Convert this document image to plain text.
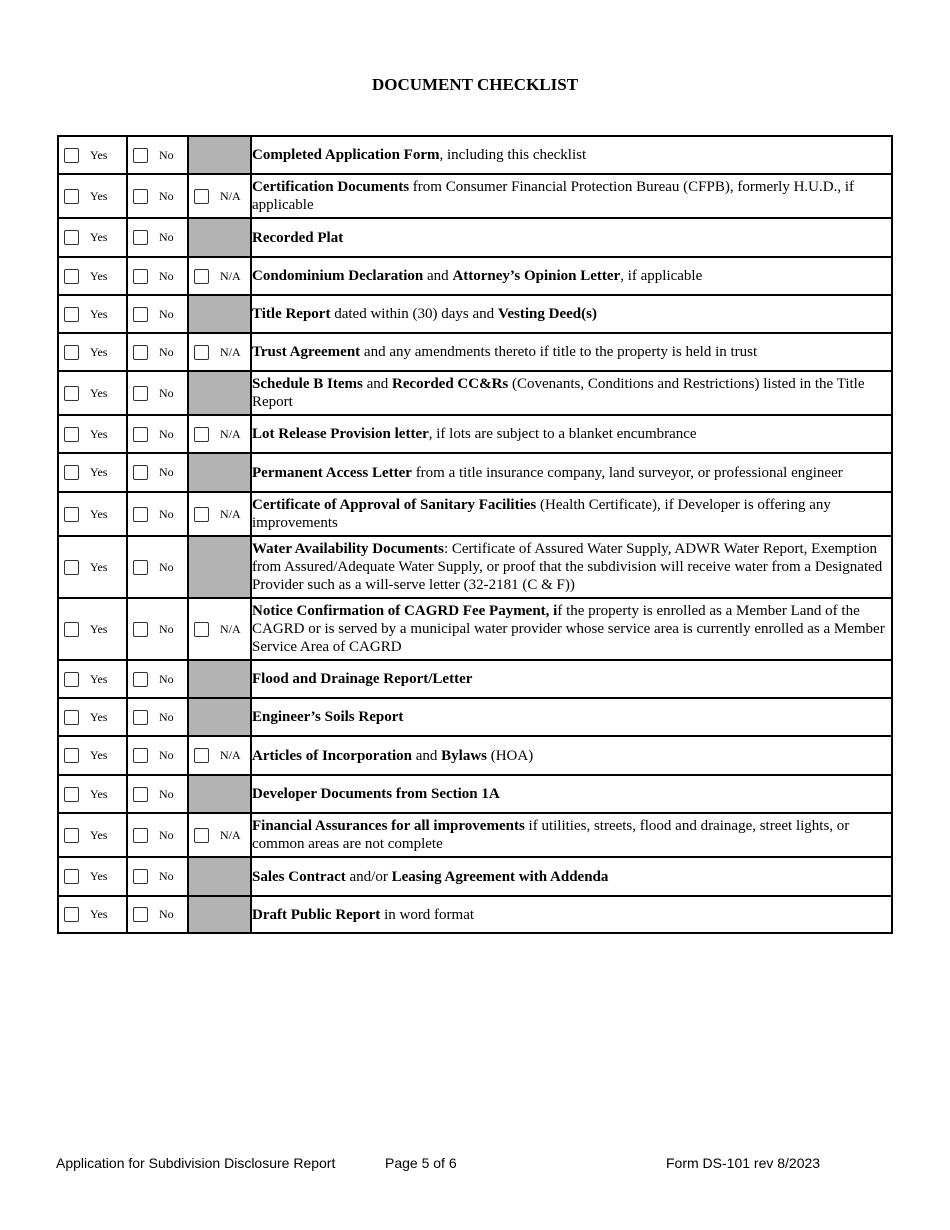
DOCUMENT CHECKLIST
Yes	No		Completed Application Form, including this checklist

Yes	No	N/A	Certification Documents from Consumer Financial Protection Bureau (CFPB), formerly H.U.D., if applicable

Yes	No		Recorded Plat

Yes	No	N/A	Condominium Declaration and Attorney’s Opinion Letter, if applicable

Yes	No		Title Report dated within (30) days and Vesting Deed(s)

Yes	No	N/A	Trust Agreement and any amendments thereto if title to the property is held in trust

Yes	No		Schedule B Items and Recorded CC&Rs (Covenants, Conditions and Restrictions) listed in the Title Report

Yes	No	N/A	Lot Release Provision letter, if lots are subject to a blanket encumbrance

Yes	No		Permanent Access Letter from a title insurance company, land surveyor, or professional engineer

Yes	No	N/A	Certificate of Approval of Sanitary Facilities (Health Certificate), if Developer is offering any improvements

Yes	No		Water Availability Documents: Certificate of Assured Water Supply, ADWR Water Report, Exemption from Assured/Adequate Water Supply, or proof that the subdivision will receive water from a Designated Provider such as a will-serve letter (32-2181 (C & F))

Yes	No	N/A	Notice Confirmation of CAGRD Fee Payment, if the property is enrolled as a Member Land of the CAGRD or is served by a municipal water provider whose service area is currently enrolled as a Member Service Area of CAGRD

Yes	No		Flood and Drainage Report/Letter

Yes	No		Engineer’s Soils Report

Yes	No	N/A	Articles of Incorporation and Bylaws (HOA)

Yes	No		Developer Documents from Section 1A

Yes	No	N/A	Financial Assurances for all improvements if utilities, streets, flood and drainage, street lights, or common areas are not complete

Yes	No		Sales Contract and/or Leasing Agreement with Addenda

Yes	No		Draft Public Report in word format
Application for Subdivision Disclosure Report	Page 5 of 6	Form DS-101 rev 8/2023
